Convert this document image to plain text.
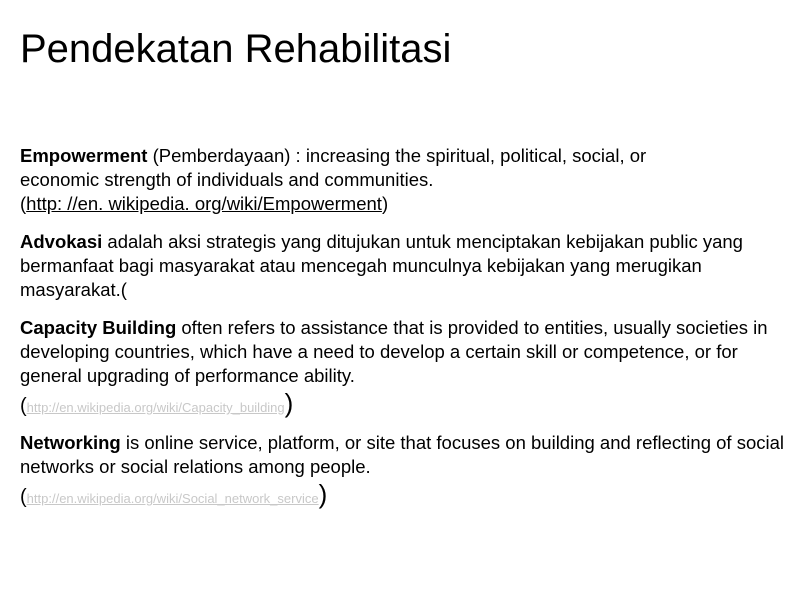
Pendekatan Rehabilitasi

Empowerment (Pemberdayaan) : increasing the spiritual, political, social, or
economic strength of individuals and communities.
(http: //en. wikipedia. org/wiki/Empowerment)

Advokasi adalah aksi strategis yang ditujukan untuk menciptakan kebijakan public yang bermanfaat bagi masyarakat atau mencegah munculnya kebijakan yang merugikan masyarakat.(

Capacity Building often refers to assistance that is provided to entities, usually societies in developing countries, which have a need to develop a certain skill or competence, or for general upgrading of performance ability.

(http://en.wikipedia.org/wiki/Capacity_building)

Networking is online service, platform, or site that focuses on building and reflecting of social networks or social relations among people.

(http://en.wikipedia.org/wiki/Social_network_service)
